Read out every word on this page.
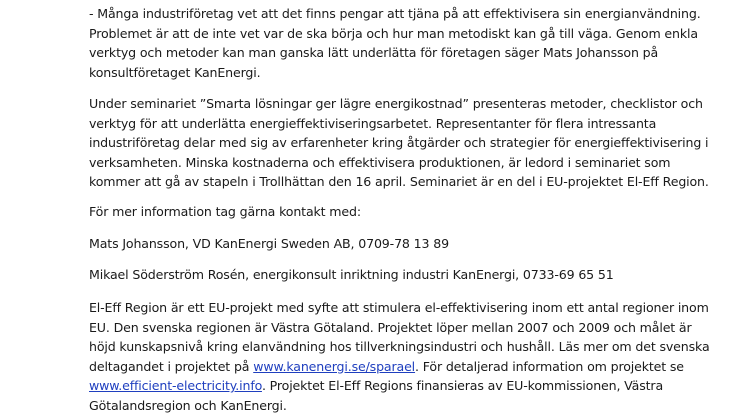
- Många industriföretag vet att det finns pengar att tjäna på att effektivisera sin energianvändning.
Problemet är att de inte vet var de ska börja och hur man metodiskt kan gå till väga. Genom enkla
verktyg och metoder kan man ganska lätt underlätta för företagen säger Mats Johansson på
konsultföretaget KanEnergi.
Under seminariet ”Smarta lösningar ger lägre energikostnad” presenteras metoder, checklistor och
verktyg för att underlätta energieffektiviseringsarbetet. Representanter för flera intressanta
industriföretag delar med sig av erfarenheter kring åtgärder och strategier för energieffektivisering i
verksamheten. Minska kostnaderna och effektivisera produktionen, är ledord i seminariet som
kommer att gå av stapeln i Trollhättan den 16 april. Seminariet är en del i EU-projektet El-Eff Region.
För mer information tag gärna kontakt med:
Mats Johansson, VD KanEnergi Sweden AB, 0709-78 13 89
Mikael Söderström Rosén, energikonsult inriktning industri KanEnergi, 0733-69 65 51
El-Eff Region är ett EU-projekt med syfte att stimulera el-effektivisering inom ett antal regioner inom
EU. Den svenska regionen är Västra Götaland. Projektet löper mellan 2007 och 2009 och målet är
höjd kunskapsnivå kring elanvändning hos tillverkningsindustri och hushåll. Läs mer om det svenska
deltagandet i projektet på www.kanenergi.se/sparael. För detaljerad information om projektet se
www.efficient-electricity.info. Projektet El-Eff Regions finansieras av EU-kommissionen, Västra
Götalandsregion och KanEnergi.
